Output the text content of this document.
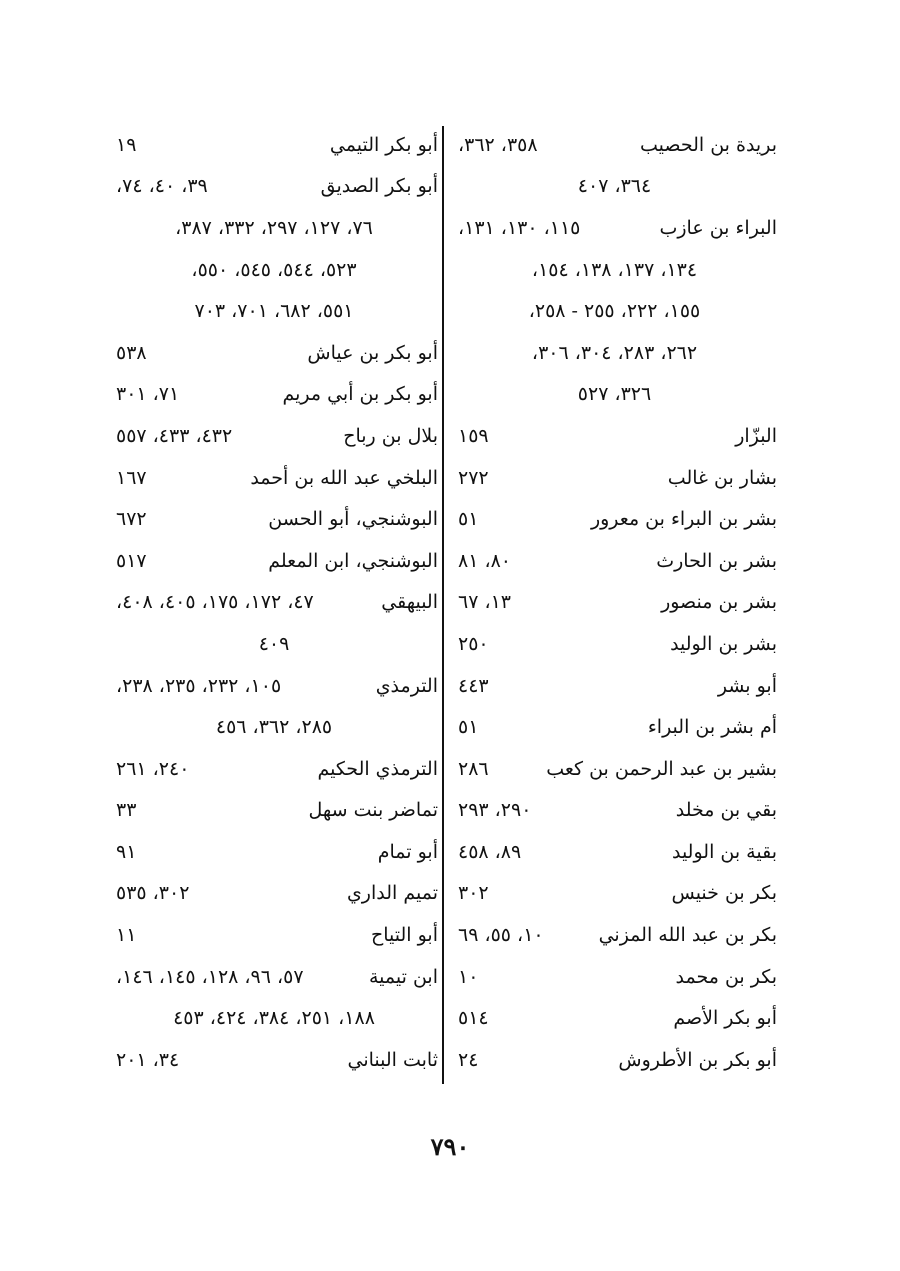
بريدة بن الحصيب
٣٥٨، ٣٦٢،
٣٦٤، ٤٠٧
البراء بن عازب
١١٥، ١٣٠، ١٣١،
١٣٤، ١٣٧، ١٣٨، ١٥٤،
١٥٥، ٢٢٢، ٢٥٥ - ٢٥٨،
٢٦٢، ٢٨٣، ٣٠٤، ٣٠٦،
٣٢٦، ٥٢٧
البزّار
١٥٩
بشار بن غالب
٢٧٢
بشر بن البراء بن معرور
٥١
بشر بن الحارث
٨٠، ٨١
بشر بن منصور
١٣، ٦٧
بشر بن الوليد
٢٥٠
أبو بشر
٤٤٣
أم بشر بن البراء
٥١
بشير بن عبد الرحمن بن كعب
٢٨٦
بقي بن مخلد
٢٩٠، ٢٩٣
بقية بن الوليد
٨٩، ٤٥٨
بكر بن خنيس
٣٠٢
بكر بن عبد الله المزني
١٠، ٥٥، ٦٩
بكر بن محمد
١٠
أبو بكر الأصم
٥١٤
أبو بكر بن الأطروش
٢٤
أبو بكر التيمي
١٩
أبو بكر الصديق
٣٩، ٤٠، ٧٤،
٧٦، ١٢٧، ٢٩٧، ٣٣٢، ٣٨٧،
٥٢٣، ٥٤٤، ٥٤٥، ٥٥٠،
٥٥١، ٦٨٢، ٧٠١، ٧٠٣
أبو بكر بن عياش
٥٣٨
أبو بكر بن أبي مريم
٧١، ٣٠١
بلال بن رباح
٤٣٢، ٤٣٣، ٥٥٧
البلخي عبد الله بن أحمد
١٦٧
البوشنجي، أبو الحسن
٦٧٢
البوشنجي، ابن المعلم
٥١٧
البيهقي
٤٧، ١٧٢، ١٧٥، ٤٠٥، ٤٠٨،
٤٠٩
الترمذي
١٠٥، ٢٣٢، ٢٣٥، ٢٣٨،
٢٨٥، ٣٦٢، ٤٥٦
الترمذي الحكيم
٢٤٠، ٢٦١
تماضر بنت سهل
٣٣
أبو تمام
٩١
تميم الداري
٣٠٢، ٥٣٥
أبو التياح
١١
ابن تيمية
٥٧، ٩٦، ١٢٨، ١٤٥، ١٤٦،
١٨٨، ٢٥١، ٣٨٤، ٤٢٤، ٤٥٣
ثابت البناني
٣٤، ٢٠١
٧٩٠
